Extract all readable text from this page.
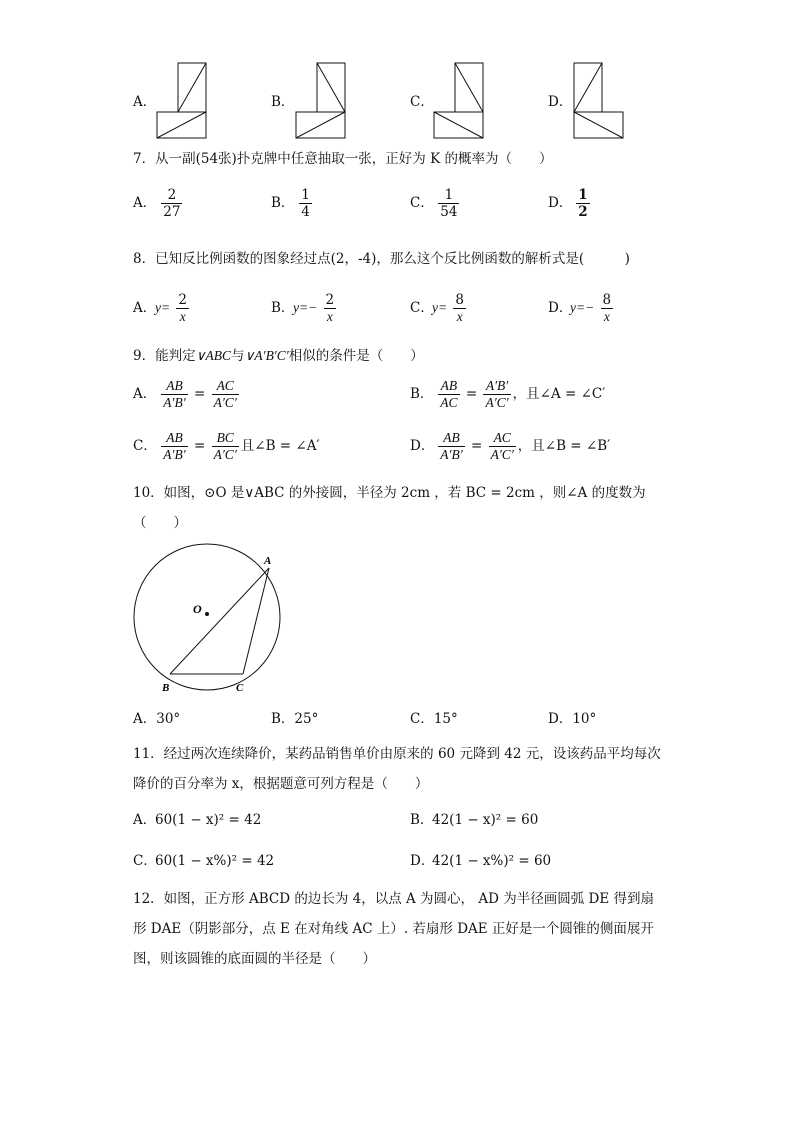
A．	B．	C．	D．
7．从一副(54张)扑克牌中任意抽取一张，正好为 K 的概率为（　　）
A． $\frac{2}{27}$	B． $\frac{1}{4}$	C． $\frac{1}{54}$	D． $\frac{1}{2}$
8．已知反比例函数的图象经过点(2，-4)，那么这个反比例函数的解析式是(　　　)
A．$y= \frac{2}{x}$	B．$y=- \frac{2}{x}$	C．$y= \frac{8}{x}$	D．$y=- \frac{8}{x}$
9．能判定∨ABC与∨A′B′C′相似的条件是（　　）
A． $\frac{AB}{A'B'} = \frac{AC}{A'C'}$	B． $\frac{AB}{AC} = \frac{A'B'}{A'C'}$ ，且∠A = ∠C′
C． $\frac{AB}{A'B'} = \frac{BC}{A'C'}$ 且∠B = ∠A′	D． $\frac{AB}{A'B'} = \frac{AC}{A'C'}$ ，且∠B = ∠B′
10．如图，⊙O 是∨ABC 的外接圆，半径为 2cm ，若 BC = 2cm ，则∠A 的度数为
（　　）
O
A
B	C
A．30°	B．25°	C．15°	D．10°
11．经过两次连续降价，某药品销售单价由原来的 60 元降到 42 元，设该药品平均每次
降价的百分率为 x，根据题意可列方程是（　　）
A．60(1 − x)² = 42	B．42(1 − x)² = 60
C．60(1 − x%)² = 42	D．42(1 − x%)² = 60
12．如图，正方形 ABCD 的边长为 4，以点 A 为圆心， AD 为半径画圆弧 DE 得到扇
形 DAE（阴影部分，点 E 在对角线 AC 上）. 若扇形 DAE 正好是一个圆锥的侧面展开
图，则该圆锥的底面圆的半径是（　　）
